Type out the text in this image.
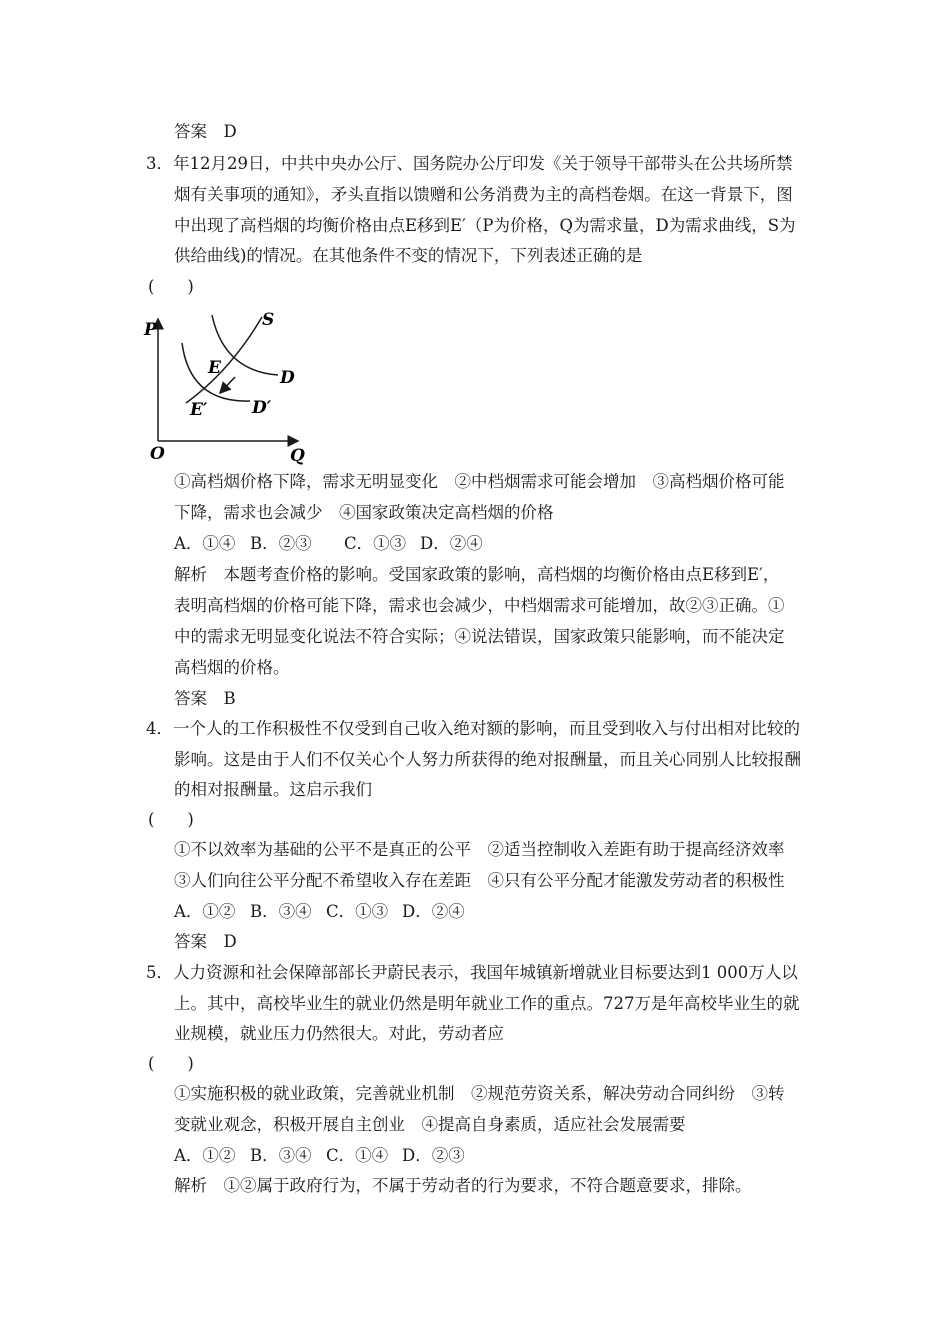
答案　D
3．年12月29日，中共中央办公厅、国务院办公厅印发《关于领导干部带头在公共场所禁
烟有关事项的通知》，矛头直指以馈赠和公务消费为主的高档卷烟。在这一背景下，图
中出现了高档烟的均衡价格由点E移到E′（P为价格，Q为需求量，D为需求曲线，S为
供给曲线)的情况。在其他条件不变的情况下，下列表述正确的是
(　　)
P
Q
O
S
D
D′
E
E′
①高档烟价格下降，需求无明显变化　②中档烟需求可能会增加　③高档烟价格可能
下降，需求也会减少　④国家政策决定高档烟的价格
A．①④ B．②③ C．①③ D．②④
解析　本题考查价格的影响。受国家政策的影响，高档烟的均衡价格由点E移到E′，
表明高档烟的价格可能下降，需求也会减少，中档烟需求可能增加，故②③正确。①
中的需求无明显变化说法不符合实际；④说法错误，国家政策只能影响，而不能决定
高档烟的价格。
答案　B
4．一个人的工作积极性不仅受到自己收入绝对额的影响，而且受到收入与付出相对比较的
影响。这是由于人们不仅关心个人努力所获得的绝对报酬量，而且关心同别人比较报酬
的相对报酬量。这启示我们
(　　)
①不以效率为基础的公平不是真正的公平　②适当控制收入差距有助于提高经济效率
③人们向往公平分配不希望收入存在差距　④只有公平分配才能激发劳动者的积极性
A．①② B．③④ C．①③ D．②④
答案　D
5．人力资源和社会保障部部长尹蔚民表示，我国年城镇新增就业目标要达到1 000万人以
上。其中，高校毕业生的就业仍然是明年就业工作的重点。727万是年高校毕业生的就
业规模，就业压力仍然很大。对此，劳动者应
(　　)
①实施积极的就业政策，完善就业机制　②规范劳资关系，解决劳动合同纠纷　③转
变就业观念，积极开展自主创业　④提高自身素质，适应社会发展需要
A．①② B．③④ C．①④ D．②③
解析　①②属于政府行为，不属于劳动者的行为要求，不符合题意要求，排除。
